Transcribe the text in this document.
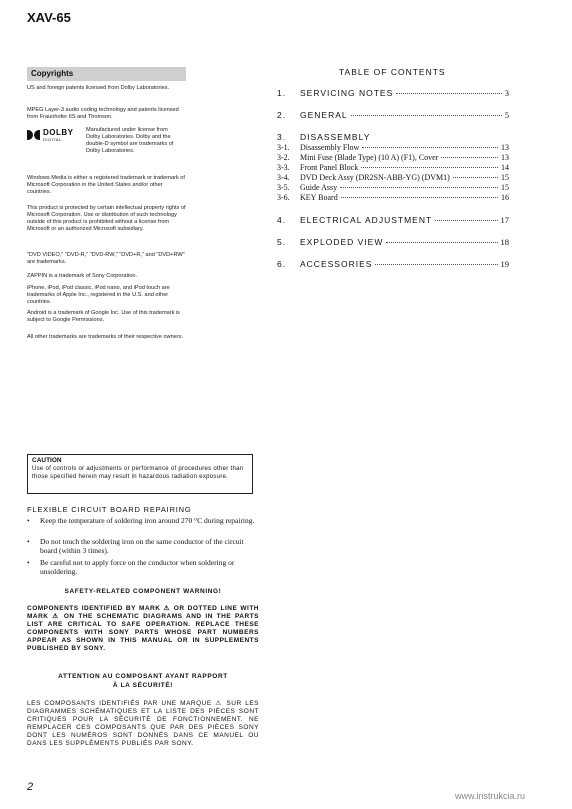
XAV-65
Copyrights

US and foreign patents licensed from Dolby Laboratories.

MPEG Layer-3 audio coding technology and patents licensed from Fraunhofer IIS and Thomson.

DOLBY
DIGITAL

Manufactured under license from Dolby Laboratories. Dolby and the double-D symbol are trademarks of Dolby Laboratories.

Windows Media is either a registered trademark or trademark of Microsoft Corporation in the United States and/or other countries.

This product is protected by certain intellectual property rights of Microsoft Corporation. Use or distribution of such technology outside of this product is prohibited without a license from Microsoft or an authorized Microsoft subsidiary.

"DVD VIDEO," "DVD-R," "DVD-RW," "DVD+R," and "DVD+RW" are trademarks.

ZAPPIN is a trademark of Sony Corporation.

iPhone, iPod, iPod classic, iPod nano, and iPod touch are trademarks of Apple Inc., registered in the U.S. and other countries.

Android is a trademark of Google Inc. Use of this trademark is subject to Google Permissions.

All other trademarks are trademarks of their respective owners.

TABLE OF CONTENTS
1.	SERVICING NOTES	3
2.	GENERAL	5
3.	DISASSEMBLY
3-1.	Disassembly Flow	13
3-2.	Mini Fuse (Blade Type) (10 A) (F1), Cover	13
3-3.	Front Panel Block	14
3-4.	DVD Deck Assy (DR2SN-ABB-YG) (DVM1)	15
3-5.	Guide Assy	15
3-6.	KEY Board	16
4.	ELECTRICAL ADJUSTMENT	17
5.	EXPLODED VIEW	18
6.	ACCESSORIES	19
CAUTION
Use of controls or adjustments or performance of procedures other than those specified herein may result in hazardous radiation exposure.
FLEXIBLE CIRCUIT BOARD REPAIRING
•	Keep the temperature of soldering iron around 270 °C during repairing.
•	Do not touch the soldering iron on the same conductor of the circuit board (within 3 times).
•	Be careful not to apply force on the conductor when soldering or unsoldering.
SAFETY-RELATED COMPONENT WARNING!
COMPONENTS IDENTIFIED BY MARK ⚠ OR DOTTED LINE WITH MARK ⚠ ON THE SCHEMATIC DIAGRAMS AND IN THE PARTS LIST ARE CRITICAL TO SAFE OPERATION. REPLACE THESE COMPONENTS WITH SONY PARTS WHOSE PART NUMBERS APPEAR AS SHOWN IN THIS MANUAL OR IN SUPPLEMENTS PUBLISHED BY SONY.
ATTENTION AU COMPOSANT AYANT RAPPORT
À LA SÉCURITÉ!
LES COMPOSANTS IDENTIFIÉS PAR UNE MARQUE ⚠ SUR LES DIAGRAMMES SCHÉMATIQUES ET LA LISTE DES PIÈCES SONT CRITIQUES POUR LA SÉCURITÉ DE FONCTIONNEMENT. NE REMPLACER CES COMPOSANTS QUE PAR DES PIÈCES SONY DONT LES NUMÉROS SONT DONNÉS DANS CE MANUEL OU DANS LES SUPPLÉMENTS PUBLIÉS PAR SONY.
2
www.instrukcia.ru
